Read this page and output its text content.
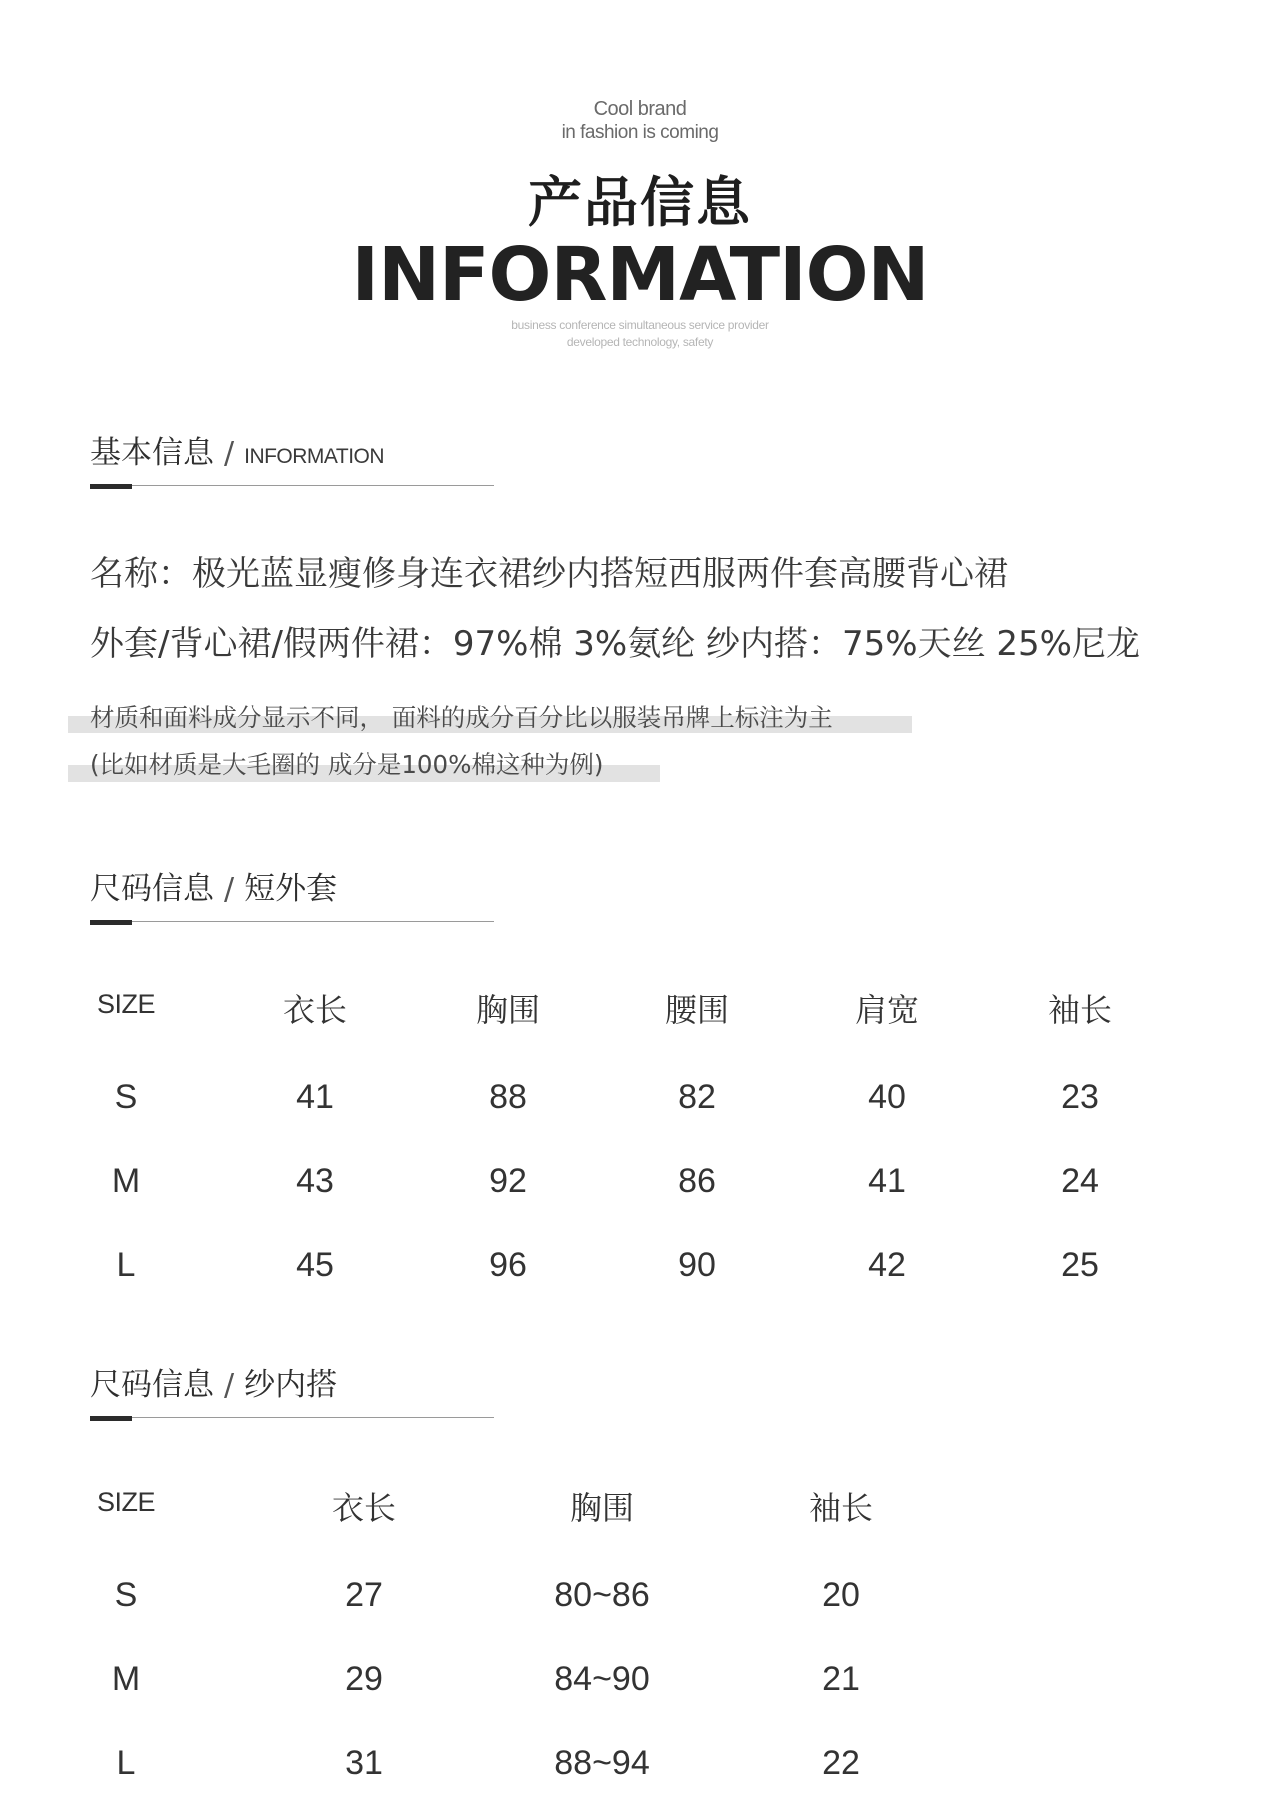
Cool brand
in fashion is coming
产品信息
INFORMATION
business conference simultaneous service provider
developed technology, safety
基本信息 / INFORMATION
名称：极光蓝显瘦修身连衣裙纱内搭短西服两件套高腰背心裙
外套/背心裙/假两件裙：97%棉 3%氨纶 纱内搭：75%天丝 25%尼龙
材质和面料成分显示不同， 面料的成分百分比以服装吊牌上标注为主
(比如材质是大毛圈的 成分是100%棉这种为例)
尺码信息 / 短外套
SIZE	衣长	胸围	腰围	肩宽	袖长
S	41	88	82	40	23
M	43	92	86	41	24
L	45	96	90	42	25
尺码信息 / 纱内搭
SIZE	衣长	胸围	袖长
S	27	80~86	20
M	29	84~90	21
L	31	88~94	22
